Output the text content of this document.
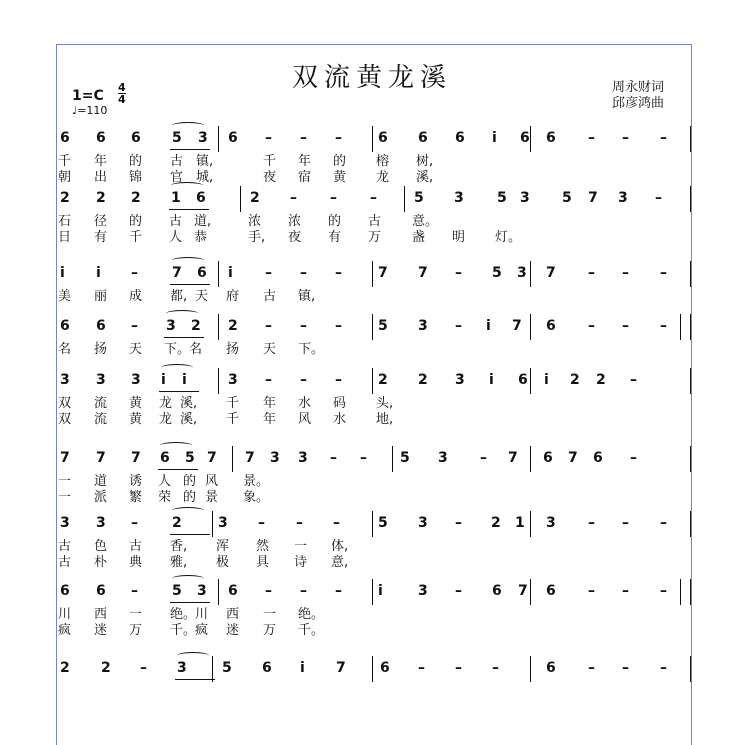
双流黄龙溪	周永财词
邱彦鸿曲
1=C
4
4
♩=110
6 6 6 5 3 6 – – –	6 6 6 i 6 6 – – –
千 年 的 古 镇,	千 年 的 榕 树,
朝 出 锦 官 城,	夜 宿 黄 龙 溪,
2 2 2 1 6	2 – – –	5 3 5 3 5 7 3 –
石 径 的 古 道,	浓 浓 的 古 意。
日 有 千 人 恭	手, 夜 有 万 盏 明 灯。
i i – 7 6 i – – –	7 7 – 5 3 7 – – –
美 丽 成 都, 天 府 古 镇,
6 6 – 3 2 2 – – –	5 3 – i 7 6 – – –
名 扬 天 下。
名 扬 天 下。
3 3 3 i i	3 – – –	2 2 3 i 6 i 2 2 –
双 流 黄 龙 溪, 千 年 水 码 头,
双 流 黄 龙 溪, 千 年 风 水 地,
7 7 7 6 5 7 7 3 3 – – 5 3 – 7 6 7 6 –
一 道 诱 人 的 风 景。
一 派 繁 荣 的 景 象。
3 3 – 2	3 – – –	5 3 – 2 1 3 – – –
古 色 古 香, 浑 然 一 体,
古 朴 典 雅, 极 具 诗 意,
6 6 – 5 3 6 – – –	i	3 – 6 7 6 – – –
川 西 一 绝。
川 西 一 绝。
疯 迷 万 千。
疯 迷 万 千。
2 2 – 3	5 6 i 7 6 – – –	6 – – –
